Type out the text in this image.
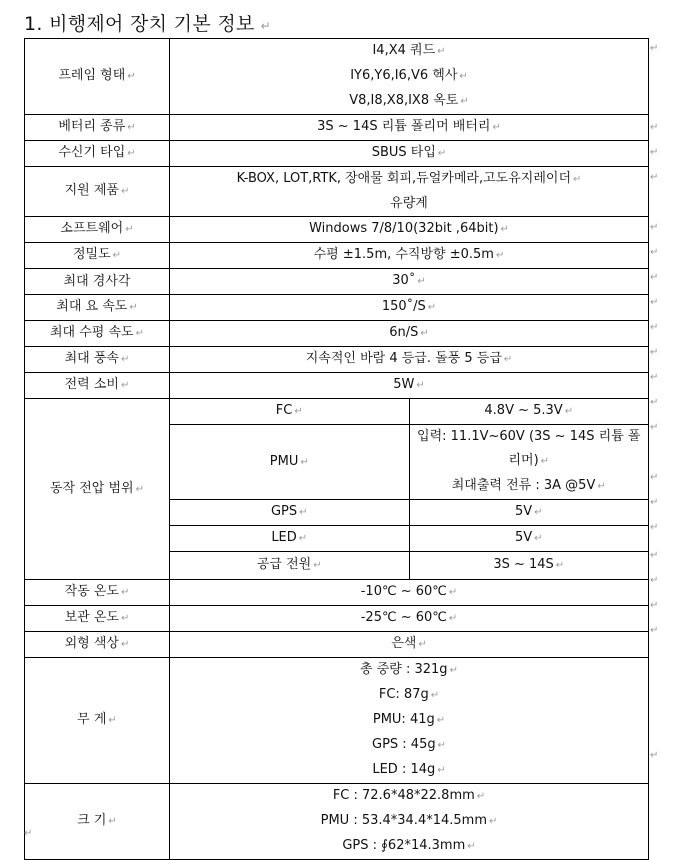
1. 비행제어 장치 기본 정보 ↵
프레임 형태 ↵	I4,X4 쿼드 ↵
IY6,Y6,I6,V6 헥사 ↵
V8,I8,X8,IX8 옥토 ↵

베터리 종류 ↵	3S ~ 14S 리튬 폴리머 배터리 ↵
수신기 타입 ↵	SBUS 타입 ↵
지원 제품 ↵	K-BOX, LOT,RTK, 장애물 회피,듀얼카메라,고도유지레이더 ↵
유량계

소프트웨어 ↵	Windows 7/8/10(32bit ,64bit) ↵
정밀도 ↵	수평 ±1.5m, 수직방향 ±0.5m ↵
최대 경사각	30˚ ↵
최대 요 속도 ↵	150˚/S ↵
최대 수평 속도 ↵	6n/S ↵
최대 풍속 ↵	지속적인 바람 4 등급. 돌풍 5 등급 ↵
전력 소비 ↵	5W ↵
동작 전압 범위 ↵	FC ↵	4.8V ~ 5.3V ↵
	PMU ↵	입력: 11.1V~60V (3S ~ 14S 리튬 폴리머) ↵
최대출력 전류 : 3A @5V ↵

	GPS ↵	5V ↵
	LED ↵	5V ↵
	공급 전원 ↵	3S ~ 14S ↵
작동 온도 ↵	-10℃ ~ 60℃ ↵
보관 온도 ↵	-25℃ ~ 60℃ ↵
외형 색상 ↵	은색 ↵
무 게 ↵	총 중량 : 321g ↵
FC: 87g ↵
PMU: 41g ↵
GPS : 45g ↵
LED : 14g ↵

크 기 ↵	FC : 72.6*48*22.8mm ↵
PMU : 53.4*34.4*14.5mm ↵
GPS : ∮62*14.3mm ↵
↵
↵
↵
↵
↵
↵
↵
↵
↵
↵
↵
↵
↵
↵
↵
↵
↵
↵
↵
↵
↵
↵
